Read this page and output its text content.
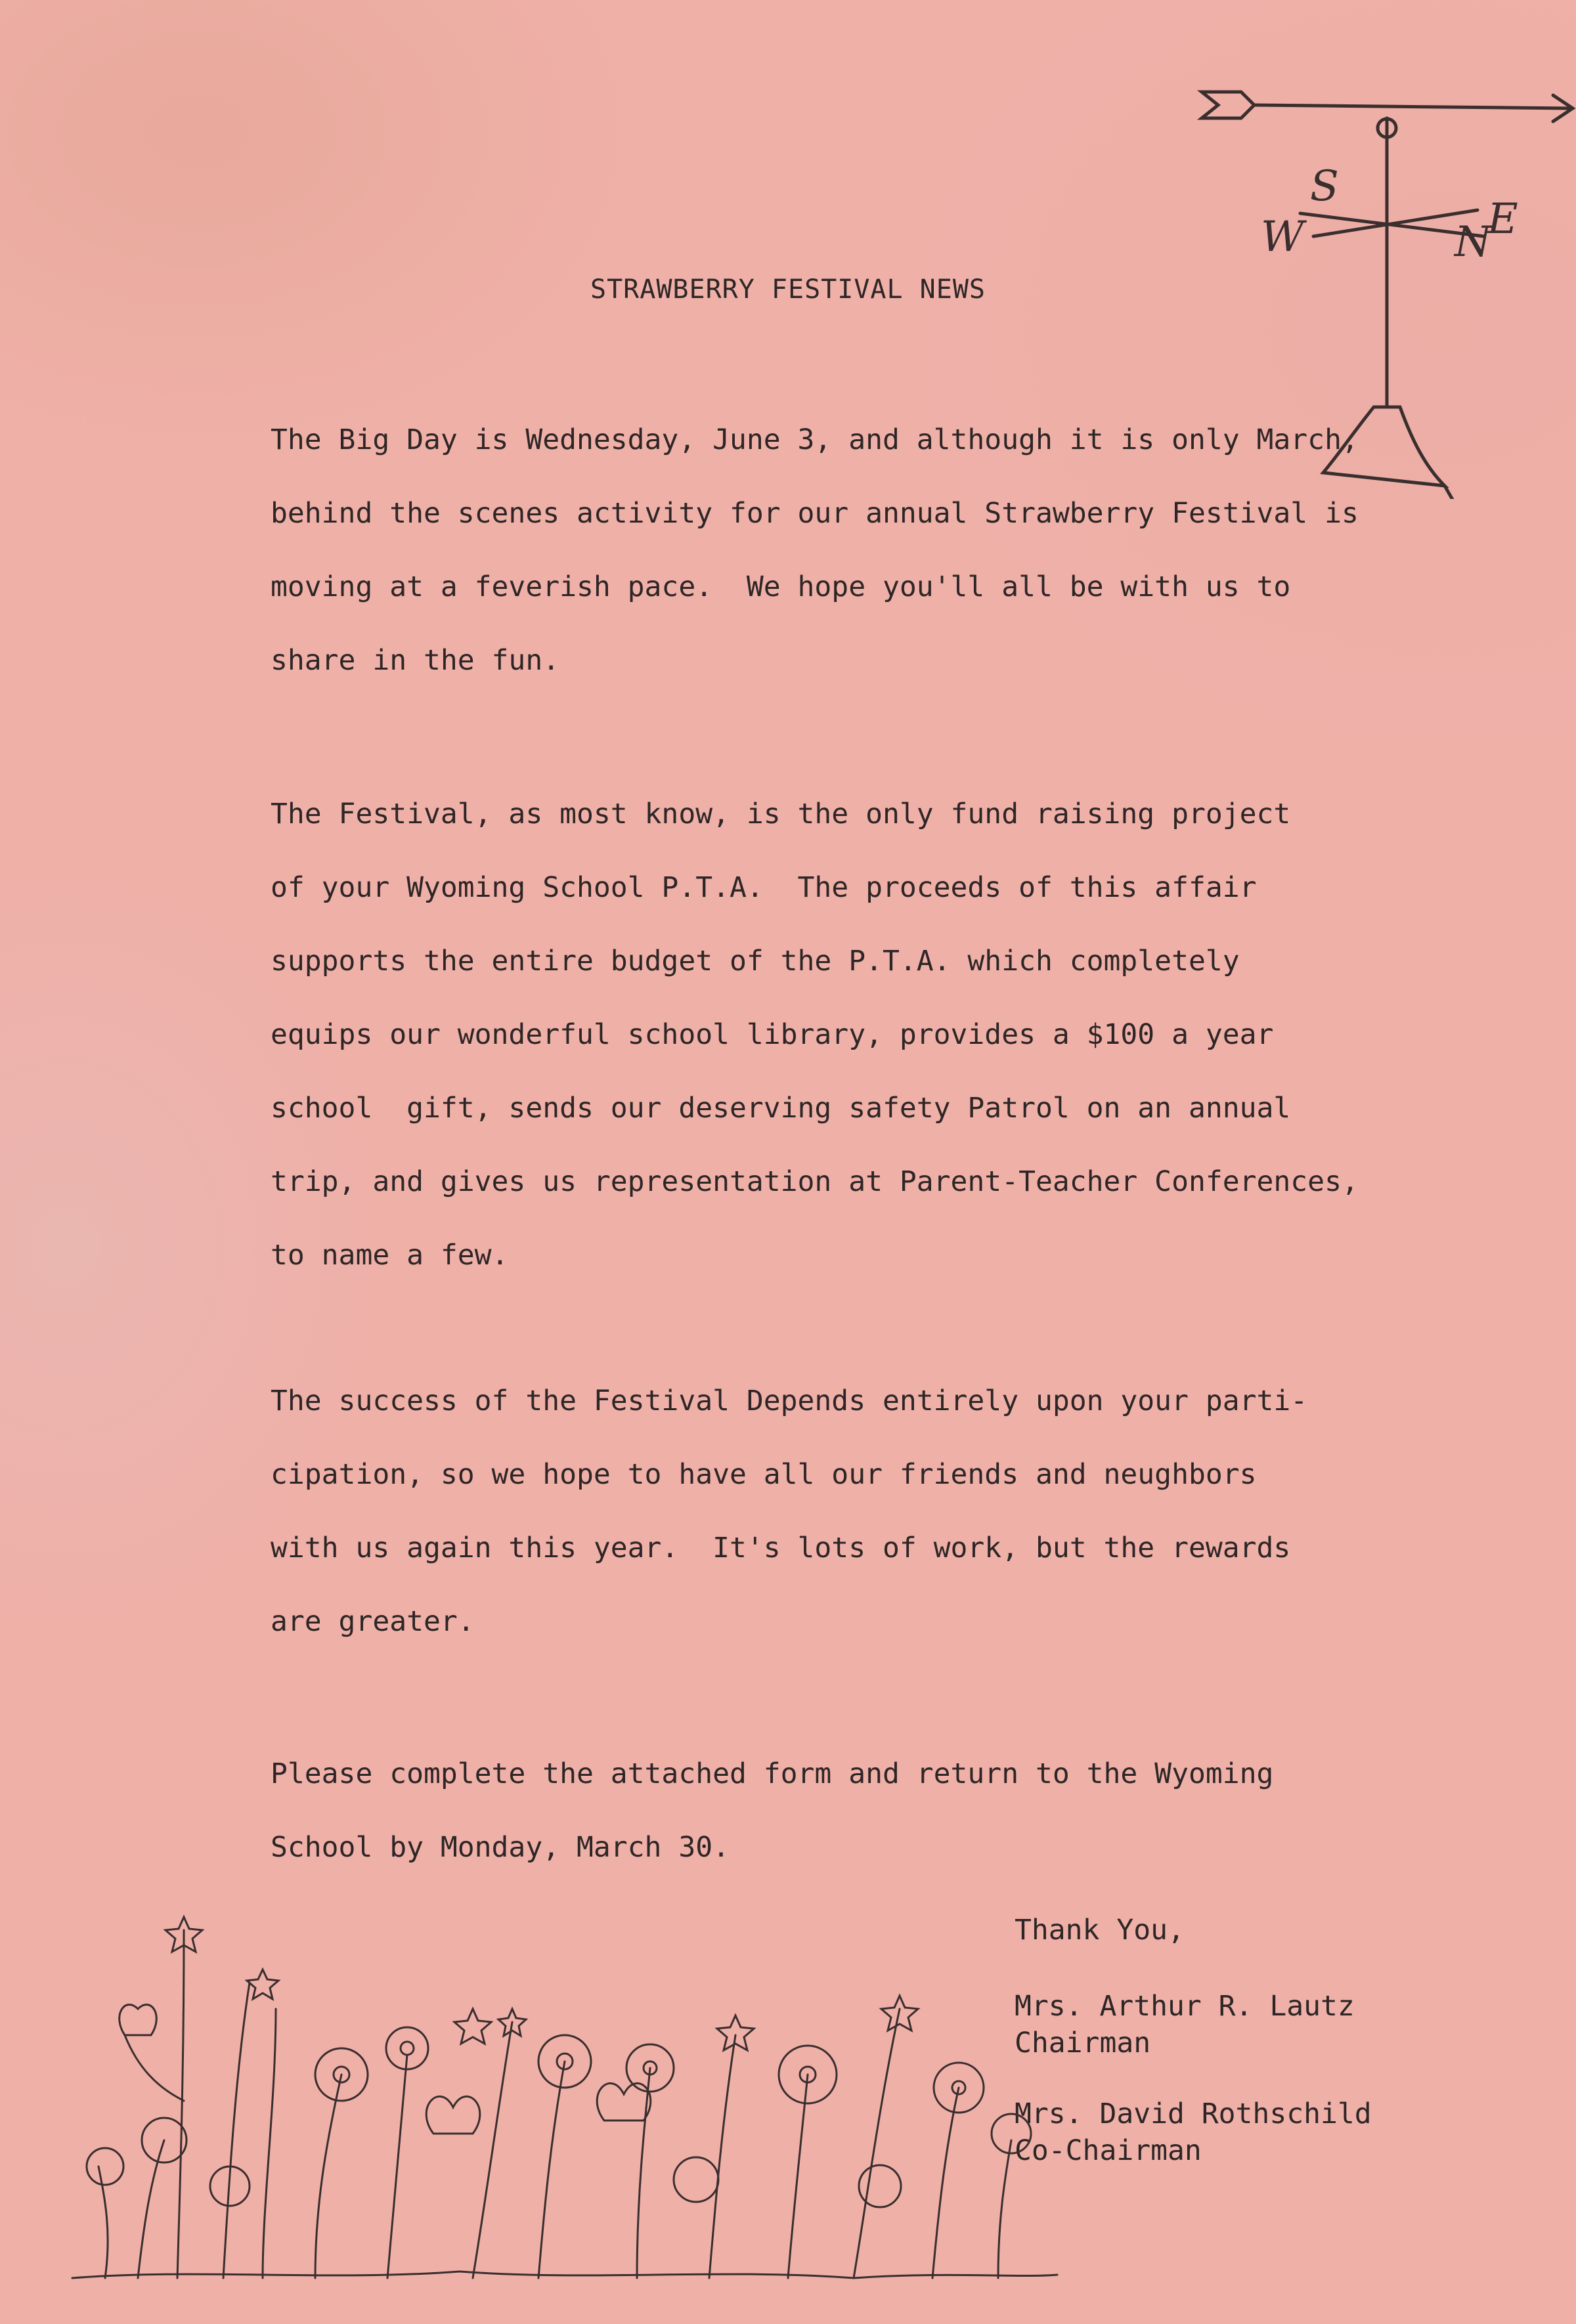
S
W	N
E
STRAWBERRY FESTIVAL NEWS
The Big Day is Wednesday, June 3, and although it is only March,
behind the scenes activity for our annual Strawberry Festival is
moving at a feverish pace.  We hope you'll all be with us to
share in the fun.
The Festival, as most know, is the only fund raising project
of your Wyoming School P.T.A.  The proceeds of this affair
supports the entire budget of the P.T.A. which completely
equips our wonderful school library, provides a $100 a year
school  gift, sends our deserving safety Patrol on an annual
trip, and gives us representation at Parent-Teacher Conferences,
to name a few.
The success of the Festival Depends entirely upon your parti-
cipation, so we hope to have all our friends and neughbors
with us again this year.  It's lots of work, but the rewards
are greater.
Please complete the attached form and return to the Wyoming
School by Monday, March 30.
Thank You,
Mrs. Arthur R. Lautz
Chairman
Mrs. David Rothschild
Co-Chairman
